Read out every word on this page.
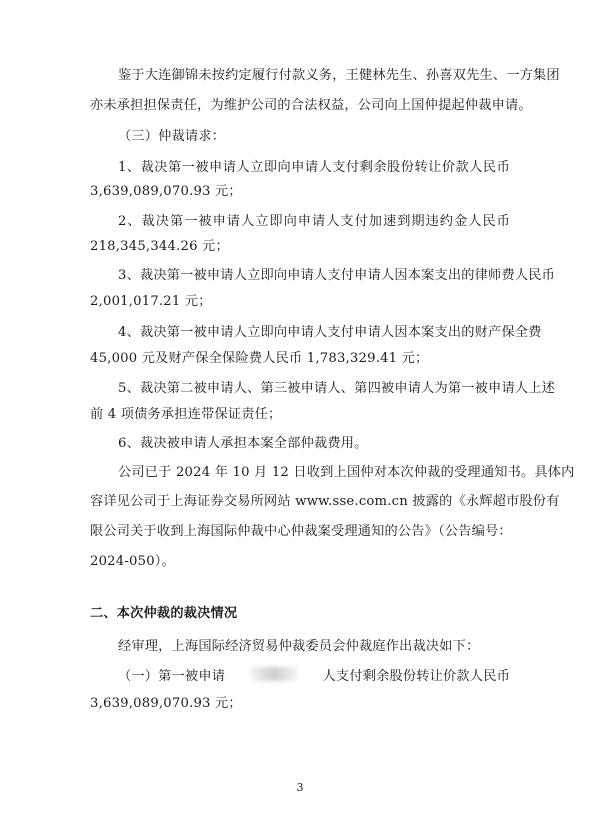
鉴于大连御锦未按约定履行付款义务，王健林先生、孙喜双先生、一方集团
亦未承担担保责任，为维护公司的合法权益，公司向上国仲提起仲裁申请。
（三）仲裁请求：
1、裁决第一被申请人立即向申请人支付剩余股份转让价款人民币
3,639,089,070.93 元；
2、裁决第一被申请人立即向申请人支付加速到期违约金人民币
218,345,344.26 元；
3、裁决第一被申请人立即向申请人支付申请人因本案支出的律师费人民币
2,001,017.21 元；
4、裁决第一被申请人立即向申请人支付申请人因本案支出的财产保全费
45,000 元及财产保全保险费人民币 1,783,329.41 元；
5、裁决第二被申请人、第三被申请人、第四被申请人为第一被申请人上述
前 4 项债务承担连带保证责任；
6、裁决被申请人承担本案全部仲裁费用。
公司已于 2024 年 10 月 12 日收到上国仲对本次仲裁的受理通知书。具体内
容详见公司于上海证券交易所网站 www.sse.com.cn 披露的《永辉超市股份有
限公司关于收到上海国际仲裁中心仲裁案受理通知的公告》（公告编号：
2024-050）。
二、本次仲裁的裁决情况
经审理，上海国际经济贸易仲裁委员会仲裁庭作出裁决如下：
（一）第一被申请	人支付剩余股份转让价款人民币
3,639,089,070.93 元；
3
